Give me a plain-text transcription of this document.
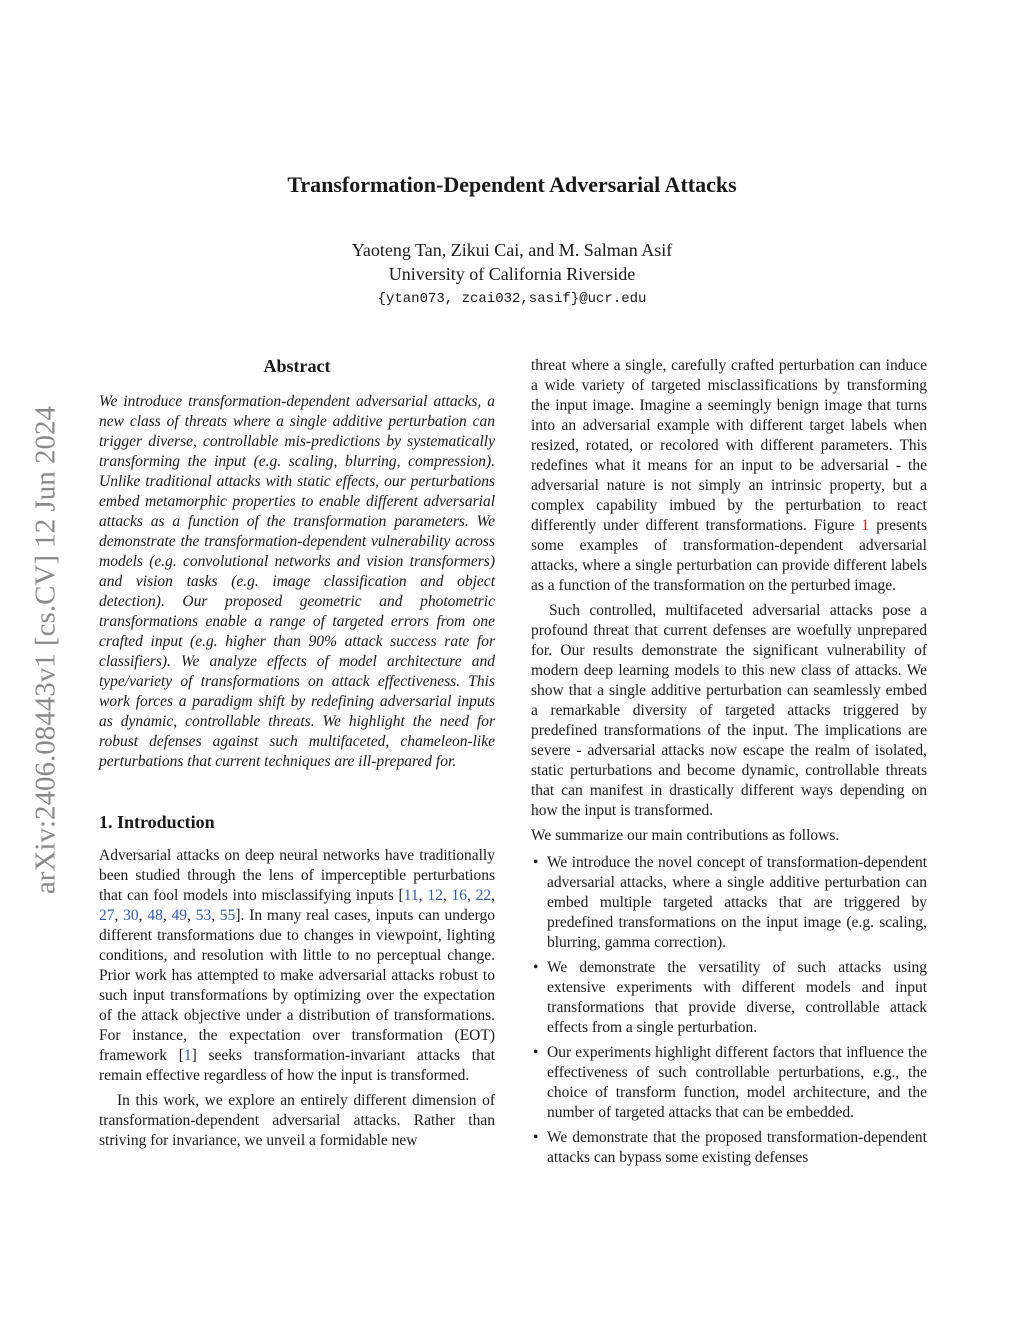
Transformation-Dependent Adversarial Attacks
Yaoteng Tan, Zikui Cai, and M. Salman Asif
University of California Riverside
{ytan073, zcai032,sasif}@ucr.edu
arXiv:2406.08443v1 [cs.CV] 12 Jun 2024
Abstract

We introduce transformation-dependent adversarial attacks, a new class of threats where a single additive perturbation can trigger diverse, controllable mis-predictions by systematically transforming the input (e.g. scaling, blurring, compression). Unlike traditional attacks with static effects, our perturbations embed metamorphic properties to enable different adversarial attacks as a function of the transformation parameters. We demonstrate the transformation-dependent vulnerability across models (e.g. convolutional networks and vision transformers) and vision tasks (e.g. image classification and object detection). Our proposed geometric and photometric transformations enable a range of targeted errors from one crafted input (e.g. higher than 90% attack success rate for classifiers). We analyze effects of model architecture and type/variety of transformations on attack effectiveness. This work forces a paradigm shift by redefining adversarial inputs as dynamic, controllable threats. We highlight the need for robust defenses against such multifaceted, chameleon-like perturbations that current techniques are ill-prepared for.

1. Introduction

Adversarial attacks on deep neural networks have traditionally been studied through the lens of imperceptible perturbations that can fool models into misclassifying inputs [11, 12, 16, 22, 27, 30, 48, 49, 53, 55]. In many real cases, inputs can undergo different transformations due to changes in viewpoint, lighting conditions, and resolution with little to no perceptual change. Prior work has attempted to make adversarial attacks robust to such input transformations by optimizing over the expectation of the attack objective under a distribution of transformations. For instance, the expectation over transformation (EOT) framework [1] seeks transformation-invariant attacks that remain effective regardless of how the input is transformed.

In this work, we explore an entirely different dimension of transformation-dependent adversarial attacks. Rather than striving for invariance, we unveil a formidable new

threat where a single, carefully crafted perturbation can induce a wide variety of targeted misclassifications by transforming the input image. Imagine a seemingly benign image that turns into an adversarial example with different target labels when resized, rotated, or recolored with different parameters. This redefines what it means for an input to be adversarial - the adversarial nature is not simply an intrinsic property, but a complex capability imbued by the perturbation to react differently under different transformations. Figure 1 presents some examples of transformation-dependent adversarial attacks, where a single perturbation can provide different labels as a function of the transformation on the perturbed image.

Such controlled, multifaceted adversarial attacks pose a profound threat that current defenses are woefully unprepared for. Our results demonstrate the significant vulnerability of modern deep learning models to this new class of attacks. We show that a single additive perturbation can seamlessly embed a remarkable diversity of targeted attacks triggered by predefined transformations of the input. The implications are severe - adversarial attacks now escape the realm of isolated, static perturbations and become dynamic, controllable threats that can manifest in drastically different ways depending on how the input is transformed.

We summarize our main contributions as follows.

• We introduce the novel concept of transformation-dependent adversarial attacks, where a single additive perturbation can embed multiple targeted attacks that are triggered by predefined transformations on the input image (e.g. scaling, blurring, gamma correction).
• We demonstrate the versatility of such attacks using extensive experiments with different models and input transformations that provide diverse, controllable attack effects from a single perturbation.
• Our experiments highlight different factors that influence the effectiveness of such controllable perturbations, e.g., the choice of transform function, model architecture, and the number of targeted attacks that can be embedded.
• We demonstrate that the proposed transformation-dependent attacks can bypass some existing defenses
